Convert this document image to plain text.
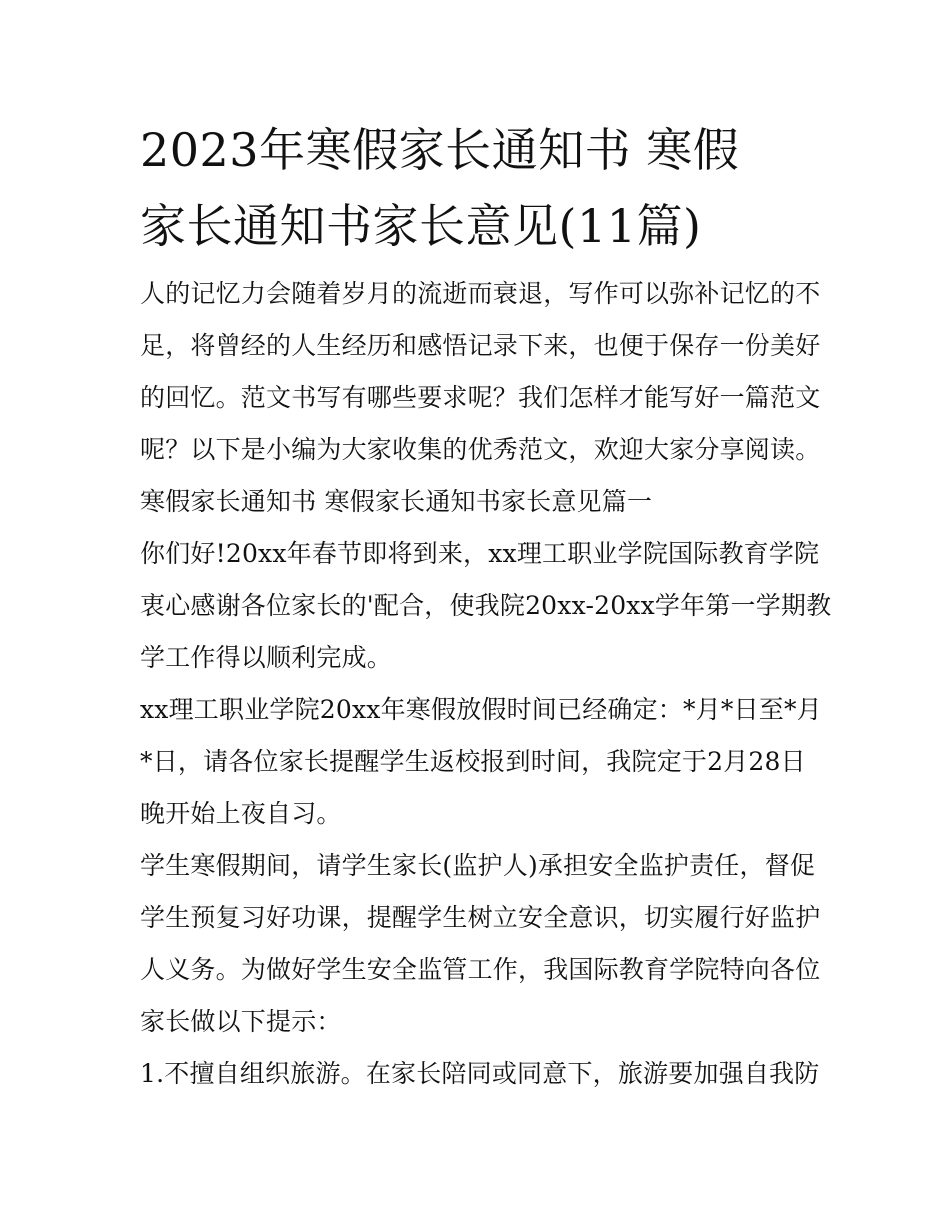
2023年寒假家长通知书 寒假
家长通知书家长意见(11篇)

人的记忆力会随着岁月的流逝而衰退，写作可以弥补记忆的不
足，将曾经的人生经历和感悟记录下来，也便于保存一份美好
的回忆。范文书写有哪些要求呢？我们怎样才能写好一篇范文
呢？以下是小编为大家收集的优秀范文，欢迎大家分享阅读。

寒假家长通知书 寒假家长通知书家长意见篇一

你们好!20xx年春节即将到来，xx理工职业学院国际教育学院
衷心感谢各位家长的'配合，使我院20xx-20xx学年第一学期教
学工作得以顺利完成。

xx理工职业学院20xx年寒假放假时间已经确定：*月*日至*月
*日，请各位家长提醒学生返校报到时间，我院定于2月28日
晚开始上夜自习。

学生寒假期间，请学生家长(监护人)承担安全监护责任，督促
学生预复习好功课，提醒学生树立安全意识，切实履行好监护
人义务。为做好学生安全监管工作，我国际教育学院特向各位
家长做以下提示：

1.不擅自组织旅游。在家长陪同或同意下，旅游要加强自我防
